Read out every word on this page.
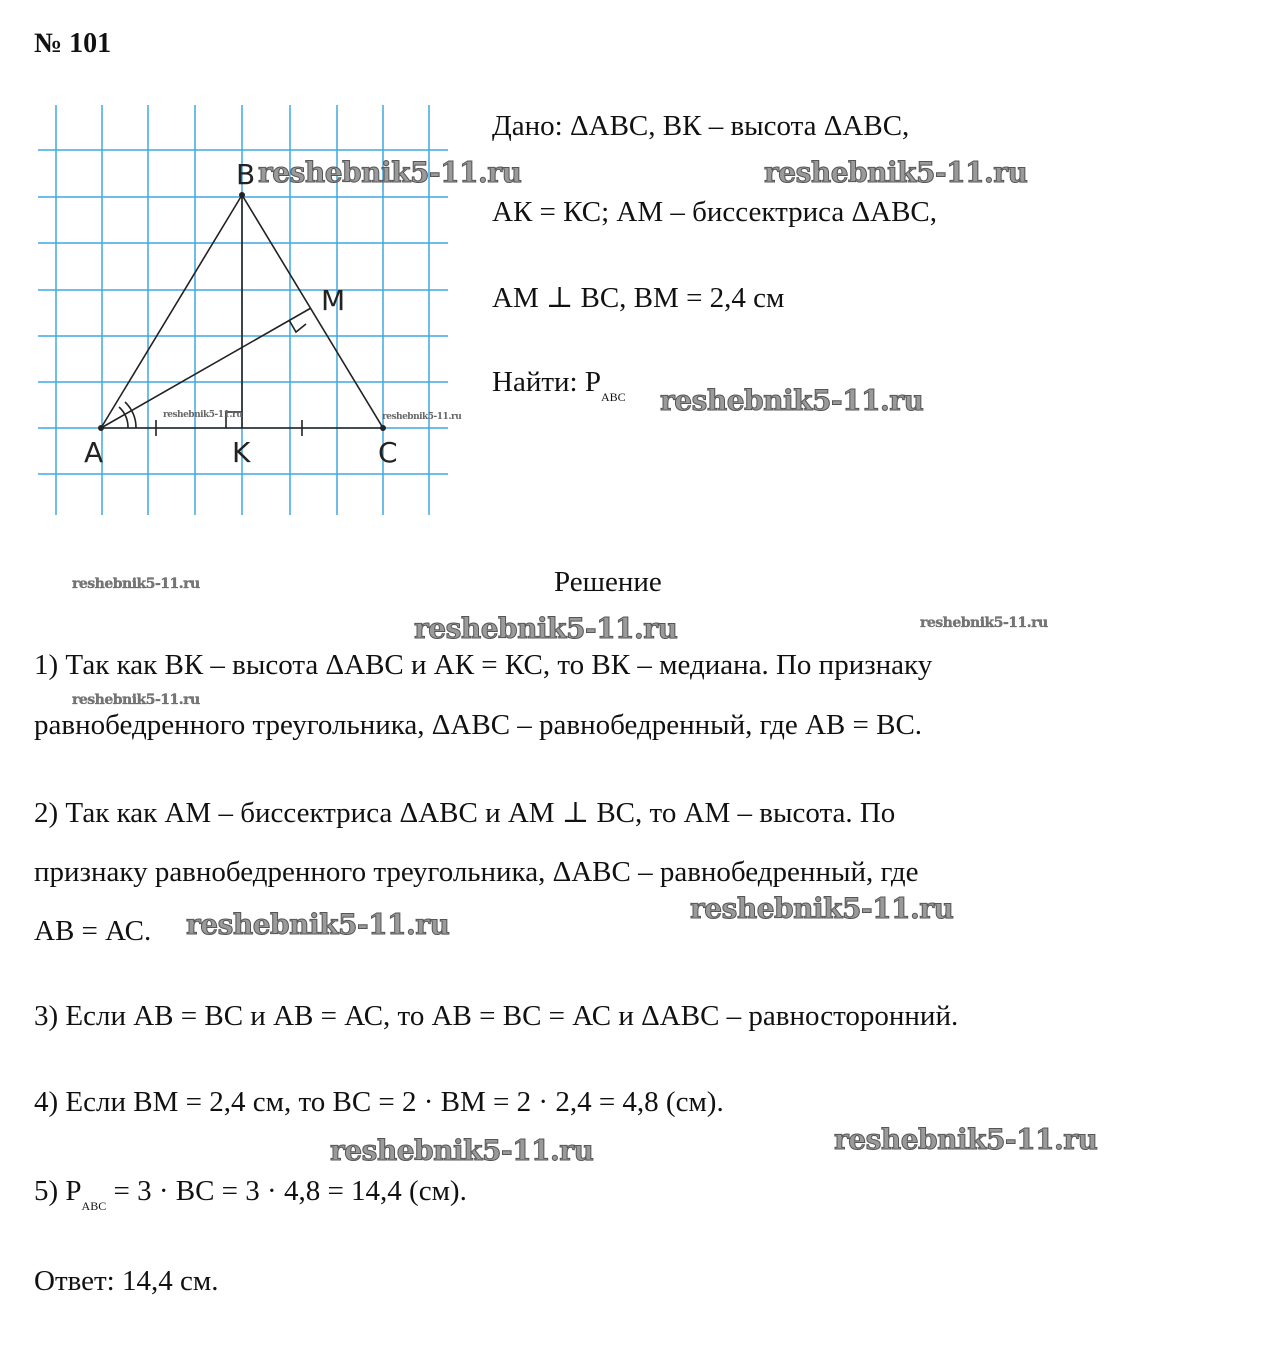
№ 101
A
B
C
K
M
Дано: ΔАВС, ВК – высота ΔАВС,
АК = КС; АМ – биссектриса ΔАВС,
АМ ⊥ ВС, ВМ = 2,4 см
Найти: $Р_{АВС}$
Решение
1) Так как ВК – высота ΔАВС и АК = КС, то ВК – медиана. По признаку
равнобедренного треугольника, ΔАВС – равнобедренный, где АВ = ВС.
2) Так как АМ – биссектриса ΔАВС и АМ ⊥ ВС, то АМ – высота. По
признаку равнобедренного треугольника, ΔАВС – равнобедренный, где
АВ = АС.
3) Если АВ = ВС и АВ = АС, то АВ = ВС = АС и ΔАВС – равносторонний.
4) Если ВМ = 2,4 см, то ВС = 2 · ВМ = 2 · 2,4 = 4,8 (см).
5) $Р_{АВС} = 3$ · ВС = 3 · 4,8 = 14,4 (см).
Ответ: 14,4 см.
reshebnik5-11.ru	reshebnik5-11.ru
reshebnik5-11.ru
reshebnik5-11.ru	reshebnik5-11.ru
reshebnik5-11.ru
reshebnik5-11.ru	reshebnik5-11.ru
reshebnik5-11.ru
reshebnik5-11.ru
reshebnik5-11.ru
reshebnik5-11.ru
reshebnik5-11.ru
